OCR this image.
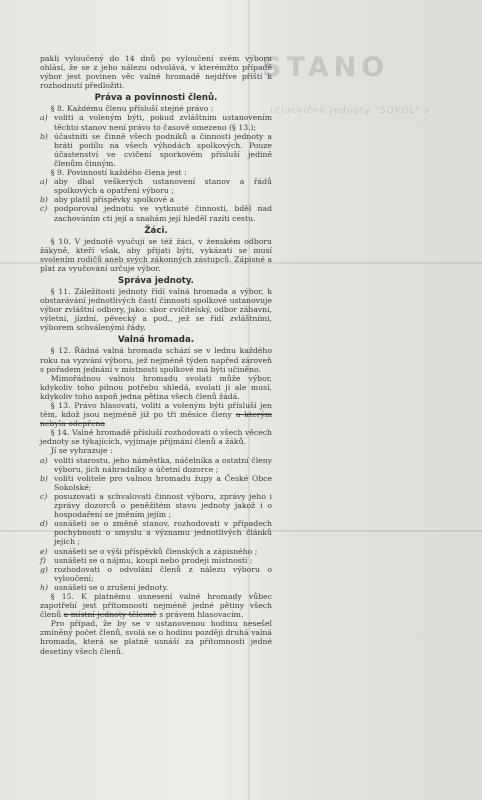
STANO
tělocvičné Jednoty "SOKOL" v

pakli vyloučený do 14 dnů po vyloučení svém výboru ohlásí, že se z jeho nálezu odvolává, v kterémžto případě výbor jest povinen věc valné hromadě nejdříve příští k rozhodnutí předložiti.

Práva a povinnosti členů.

§ 8. Každému členu přísluší stejné právo :

a) voliti a voleným býti, pokud zvláštním ustanovením těchto stanov není právo to časově omezeno (§ 13.);
b) účastniti se činně všech podniků a činnosti jednoty a bráti podílu na všech výhodách spolkových. Pouze účastenství ve cvičení sporkovém přísluší jedině členům činným.

§ 9. Povinností každého člena jest :

a) aby dbal veškerých ustanovení stanov a řádů spolkových a opatření výboru ;
b) aby platil příspěvky spolkové a
c) podporoval jednotu ve vytknuté činnosti, bděl nad zachováním cti její a snahám její hleděl raziti cestu.
Žáci.

§ 10. V jednotě vyučují se též žáci, v ženském odboru žákyně, kteří však, aby přijati býti, vykázati se musí svolením rodičů aneb svých zákonných zástupců. Zápisné a plat za vyučování určuje výbor.

Správa jednoty.

§ 11. Záležitosti jednoty řídí valná hromada a výbor, k obstarávání jednotlivých částí činnosti spolkové ustanovuje výbor zvláštní odbory, jako: sbor cvičitelský, odbor zábavní, výletní, jízdní, pěvecký a pod., jež se řídí zvláštními, výborem schválenými řády.

Valná hromada.

§ 12. Řádná valná hromada schází se v lednu každého roku na vyzvání výboru, jež nejméně týden napřed zároveň s pořadem jednání v místnosti spolkové má býti učiněno.

Mimořádnou valnou hromadu svolati může výbor, kdykoliv toho pilnou potřebu shledá, svolati ji ale musí, kdykoliv toho aspoň jedna pětina všech členů žádá.

§ 13. Právo hlasovati, voliti a voleným býti přísluší jen těm, kdož jsou nejméně již po tři měsíce členy a kterým nebyla odepřena

§ 14. Valné hromadě přísluší rozhodovati o všech věcech jednoty se týkajících, vyjímaje příjmání členů a žáků.

Jí se vyhrazuje :

a) voliti starostu, jeho náměstka, náčelníka a ostatní členy výboru, jich náhradníky a účetní dozorce ;
b) voliti volitele pro valnou hromadu župy a České Obce Sokolské;
c) posuzovati a schvalovati činnost výboru, zprávy jeho i zprávy dozorců o peněžitém stavu jednoty jakož i o hospodaření se jměním jejím ;
d) usnášeti se o změně stanov, rozhodovati v případech pochybnosti o smyslu a významu jednotlivých článků jejich ;
e) usnášeti se o výši příspěvků členských a zápisného ;
f) usnášeti se o nájmu, koupi nebo prodeji místností ;
g) rozhodovati o odvolání členů z nálezu výboru o vyloučení;
h) usnášeti se o zrušení jednoty.

§ 15. K platnému usnesení valné hromady vůbec zapotřebí jest přítomnosti nejméně jedné pětiny všech členů a místní jednoty tělesně s právem hlasovacím.

Pro případ, že by se v ustanovenou hodinu nesešel zmíněný počet členů, svolá se o hodinu později druhá valná hromada, která se platně usnáší za přítomnosti jedné desetiny všech členů.
